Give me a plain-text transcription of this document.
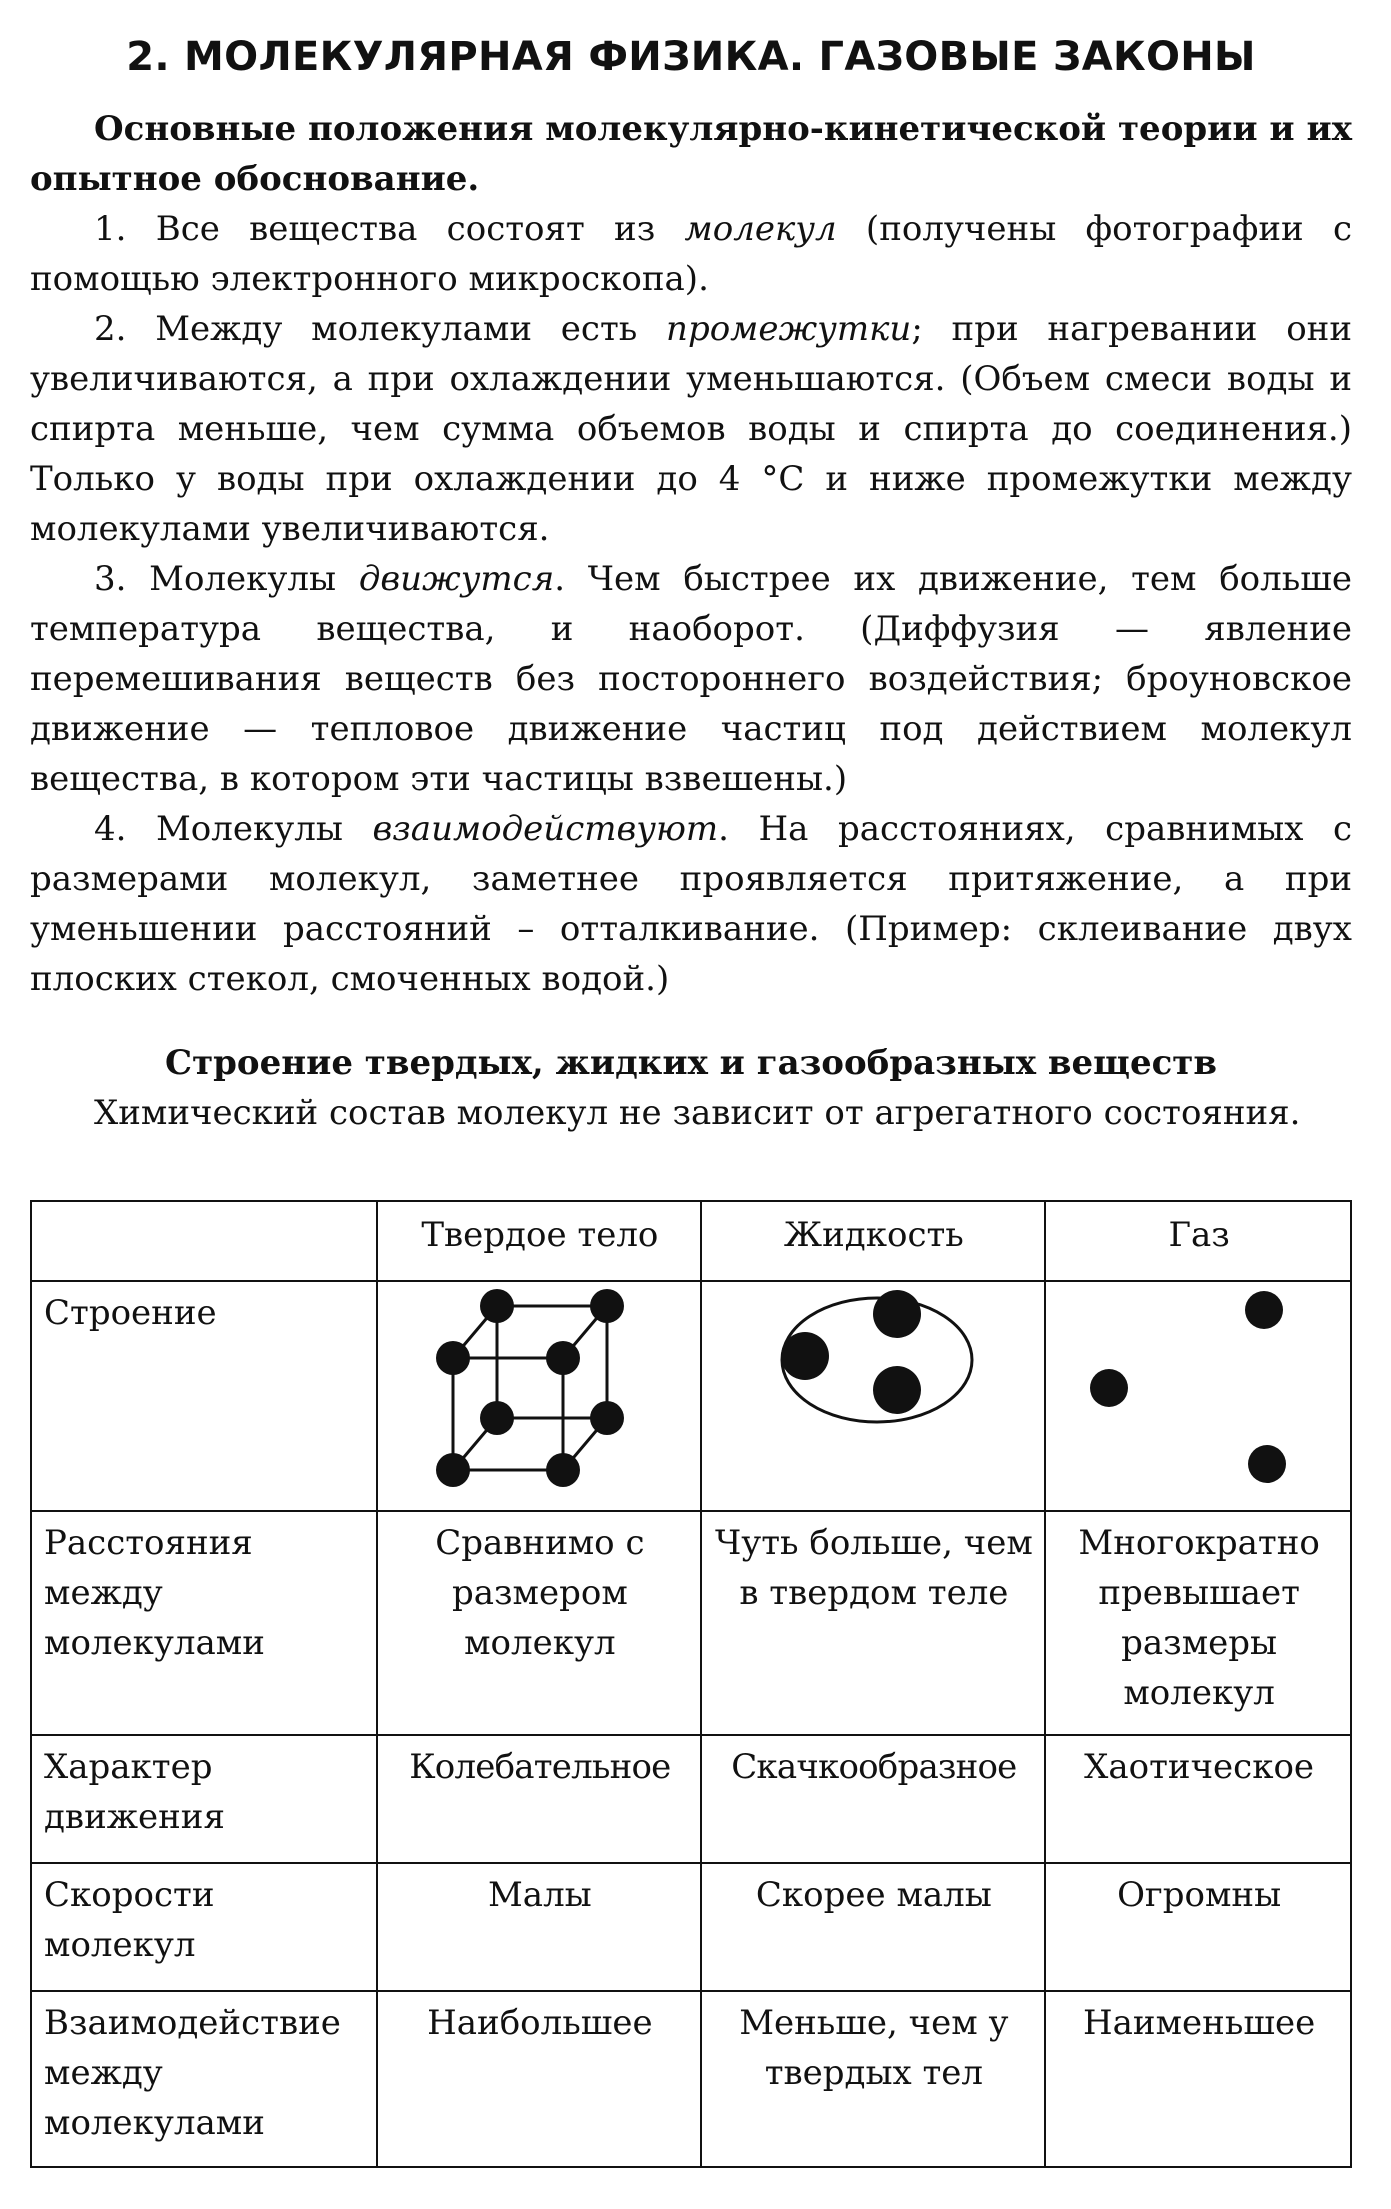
2. МОЛЕКУЛЯРНАЯ ФИЗИКА. ГАЗОВЫЕ ЗАКОНЫ

Основные положения молекулярно-кинетической теории и их опытное обоснование.

1. Все вещества состоят из молекул (получены фотографии с помощью электронного микроскопа).

2. Между молекулами есть промежутки; при нагревании они увеличиваются, а при охлаждении уменьшаются. (Объем смеси воды и спирта меньше, чем сумма объемов воды и спирта до соединения.) Только у воды при охлаждении до 4 °С и ниже промежутки между молекулами увеличиваются.

3. Молекулы движутся. Чем быстрее их движение, тем больше температура вещества, и наоборот. (Диффузия — явление перемешивания веществ без постороннего воздействия; броуновское движение — тепловое движение частиц под действием молекул вещества, в котором эти частицы взвешены.)

4. Молекулы взаимодействуют. На расстояниях, сравнимых с размерами молекул, заметнее проявляется притяжение, а при уменьшении расстояний – отталкивание. (Пример: склеивание двух плоских стекол, смоченных водой.)

Строение твердых, жидких и газообразных веществ

Химический состав молекул не зависит от агрегатного состояния.

	Твердое тело	Жидкость	Газ
Строение	

Расстояния между молекулами	Сравнимо с размером молекул	Чуть больше, чем в твердом теле	Многократно превышает размеры молекул
Характер движения	Колебательное	Скачкообразное	Хаотическое
Скорости молекул	Малы	Скорее малы	Огромны
Взаимодействие между молекулами	Наибольшее	Меньше, чем у твердых тел	Наименьшее
